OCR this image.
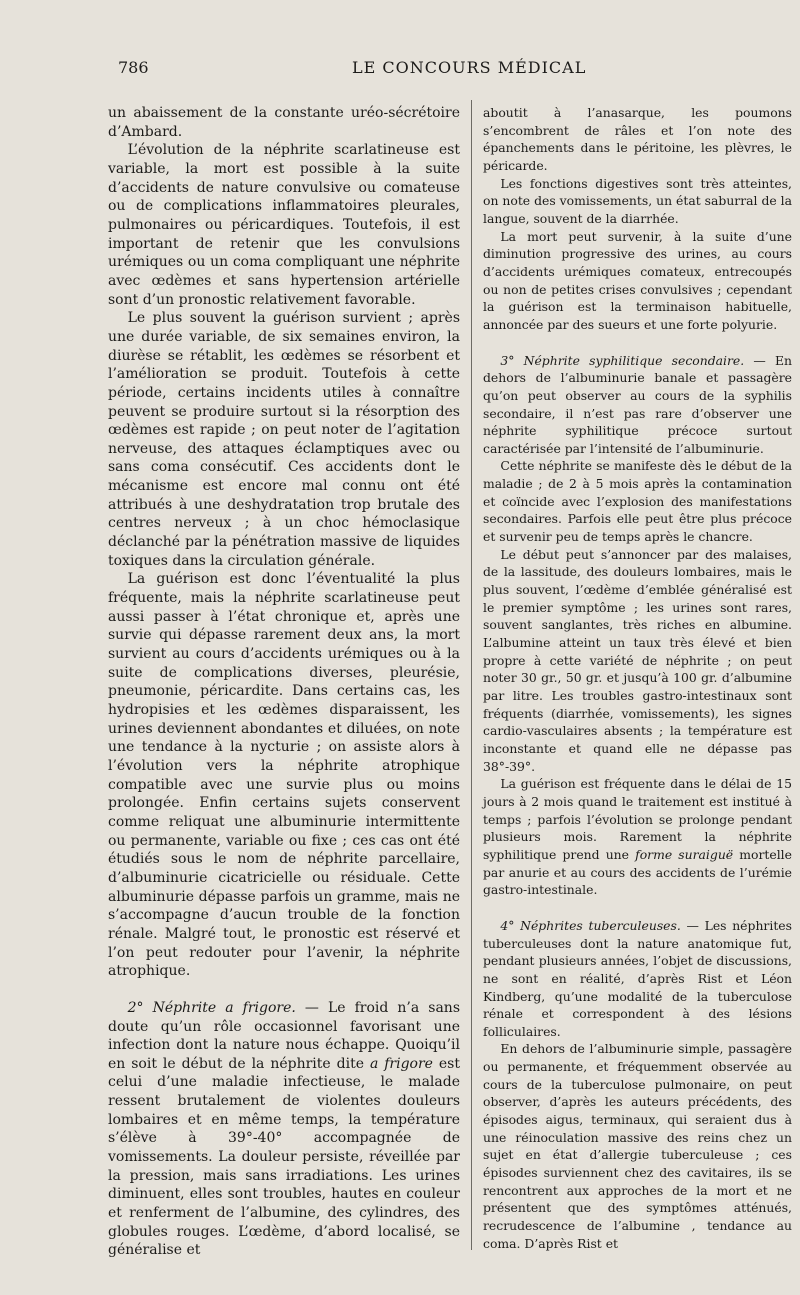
786	LE CONCOURS MÉDICAL

un abaissement de la constante uréo-sécrétoire d’Ambard.

L’évolution de la néphrite scarlatineuse est variable, la mort est possible à la suite d’accidents de nature convulsive ou comateuse ou de complications inflammatoires pleurales, pulmonaires ou péricardiques. Toutefois, il est important de retenir que les convulsions urémiques ou un coma compliquant une néphrite avec œdèmes et sans hypertension artérielle sont d’un pronostic relativement favorable.

Le plus souvent la guérison survient ; après une durée variable, de six semaines environ, la diurèse se rétablit, les œdèmes se résorbent et l’amélioration se produit. Toutefois à cette période, certains incidents utiles à connaître peuvent se produire surtout si la résorption des œdèmes est rapide ; on peut noter de l’agitation nerveuse, des attaques éclamptiques avec ou sans coma consécutif. Ces accidents dont le mécanisme est encore mal connu ont été attribués à une deshydratation trop brutale des centres nerveux ; à un choc hémoclasique déclanché par la pénétration massive de liquides toxiques dans la circulation générale.

La guérison est donc l’éventualité la plus fréquente, mais la néphrite scarlatineuse peut aussi passer à l’état chronique et, après une survie qui dépasse rarement deux ans, la mort survient au cours d’accidents urémiques ou à la suite de complications diverses, pleurésie, pneumonie, péricardite. Dans certains cas, les hydropisies et les œdèmes disparaissent, les urines deviennent abondantes et diluées, on note une tendance à la nycturie ; on assiste alors à l’évolution vers la néphrite atrophique compatible avec une survie plus ou moins prolongée. Enfin certains sujets conservent comme reliquat une albuminurie intermittente ou permanente, variable ou fixe ; ces cas ont été étudiés sous le nom de néphrite parcellaire, d’albuminurie cicatricielle ou résiduale. Cette albuminurie dépasse parfois un gramme, mais ne s’accompagne d’aucun trouble de la fonction rénale. Malgré tout, le pronostic est réservé et l’on peut redouter pour l’avenir, la néphrite atrophique.

2° Néphrite a frigore. — Le froid n’a sans doute qu’un rôle occasionnel favorisant une infection dont la nature nous échappe. Quoiqu’il en soit le début de la néphrite dite a frigore est celui d’une maladie infectieuse, le malade ressent brutalement de violentes douleurs lombaires et en même temps, la température s’élève à 39°-40° accompagnée de vomissements. La douleur persiste, réveillée par la pression, mais sans irradiations. Les urines diminuent, elles sont troubles, hautes en couleur et renferment de l’albumine, des cylindres, des globules rouges. L’œdème, d’abord localisé, se généralise et

aboutit à l’anasarque, les poumons s’encombrent de râles et l’on note des épanchements dans le péritoine, les plèvres, le péricarde.

Les fonctions digestives sont très atteintes, on note des vomissements, un état saburral de la langue, souvent de la diarrhée.

La mort peut survenir, à la suite d’une diminution progressive des urines, au cours d’accidents urémiques comateux, entrecoupés ou non de petites crises convulsives ; cependant la guérison est la terminaison habituelle, annoncée par des sueurs et une forte polyurie.

3° Néphrite syphilitique secondaire. — En dehors de l’albuminurie banale et passagère qu’on peut observer au cours de la syphilis secondaire, il n’est pas rare d’observer une néphrite syphilitique précoce surtout caractérisée par l’intensité de l’albuminurie.

Cette néphrite se manifeste dès le début de la maladie ; de 2 à 5 mois après la contamination et coïncide avec l’explosion des manifestations secondaires. Parfois elle peut être plus précoce et survenir peu de temps après le chancre.

Le début peut s’annoncer par des malaises, de la lassitude, des douleurs lombaires, mais le plus souvent, l’œdème d’emblée généralisé est le premier symptôme ; les urines sont rares, souvent sanglantes, très riches en albumine. L’albumine atteint un taux très élevé et bien propre à cette variété de néphrite ; on peut noter 30 gr., 50 gr. et jusqu’à 100 gr. d’albumine par litre. Les troubles gastro-intestinaux sont fréquents (diarrhée, vomissements), les signes cardio-vasculaires absents ; la température est inconstante et quand elle ne dépasse pas 38°-39°.

La guérison est fréquente dans le délai de 15 jours à 2 mois quand le traitement est institué à temps ; parfois l’évolution se prolonge pendant plusieurs mois. Rarement la néphrite syphilitique prend une forme suraiguë mortelle par anurie et au cours des accidents de l’urémie gastro-intestinale.

4° Néphrites tuberculeuses. — Les néphrites tuberculeuses dont la nature anatomique fut, pendant plusieurs années, l’objet de discussions, ne sont en réalité, d’après Rist et Léon Kindberg, qu’une modalité de la tuberculose rénale et correspondent à des lésions folliculaires.

En dehors de l’albuminurie simple, passagère ou permanente, et fréquemment observée au cours de la tuberculose pulmonaire, on peut observer, d’après les auteurs précédents, des épisodes aigus, terminaux, qui seraient dus à une réinoculation massive des reins chez un sujet en état d’allergie tuberculeuse ; ces épisodes surviennent chez des cavitaires, ils se rencontrent aux approches de la mort et ne présentent que des symptômes atténués, recrudescence de l’albumine , tendance au coma. D’après Rist et
